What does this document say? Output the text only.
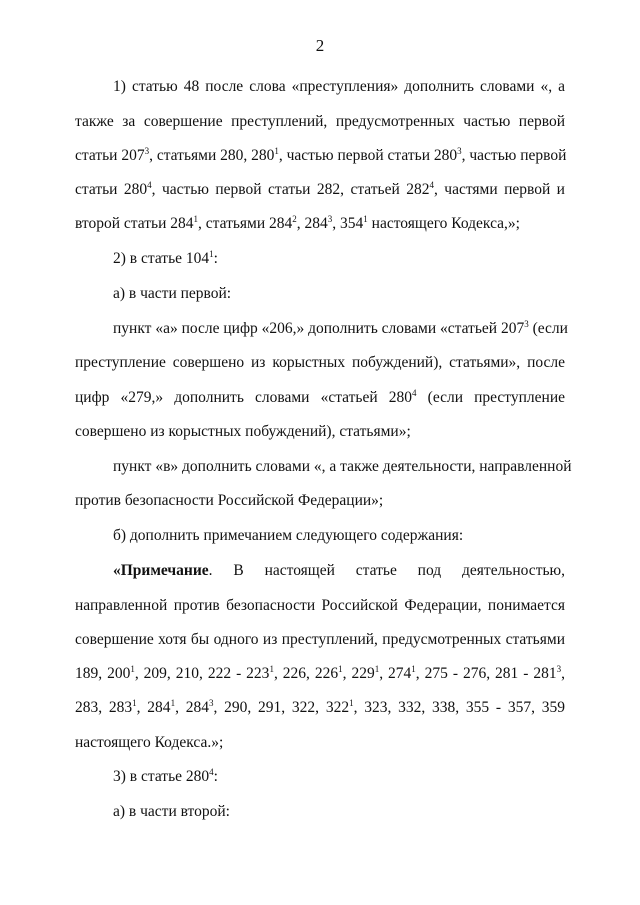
2
1) статью 48 после слова «преступления» дополнить словами «, а
также за совершение преступлений, предусмотренных частью первой
статьи $207^3$, статьями 280, $280^1$, частью первой статьи $280^3$, частью первой
статьи $280^4$, частью первой статьи 282, статьей $282^4$, частями первой и
второй статьи $284^1$, статьями $284^2$, $284^3$, $354^1$ настоящего Кодекса,»;
2) в статье $104^1$:
а) в части первой:
пункт «а» после цифр «206,» дополнить словами «статьей $207^3$ (если
преступление совершено из корыстных побуждений), статьями», после
цифр «279,» дополнить словами «статьей $280^4$ (если преступление
совершено из корыстных побуждений), статьями»;
пункт «в» дополнить словами «, а также деятельности, направленной
против безопасности Российской Федерации»;
б) дополнить примечанием следующего содержания:
«Примечание. В настоящей статье под деятельностью,
направленной против безопасности Российской Федерации, понимается
совершение хотя бы одного из преступлений, предусмотренных статьями
189, $200^1$, 209, 210, $222 - 223^1$, 226, $226^1$, $229^1$, $274^1$, 275 - 276, $281 - 281^3$,
283, $283^1$, $284^1$, $284^3$, 290, 291, 322, $322^1$, 323, 332, 338, 355 - 357, 359
настоящего Кодекса.»;
3) в статье $280^4$:
а) в части второй:
